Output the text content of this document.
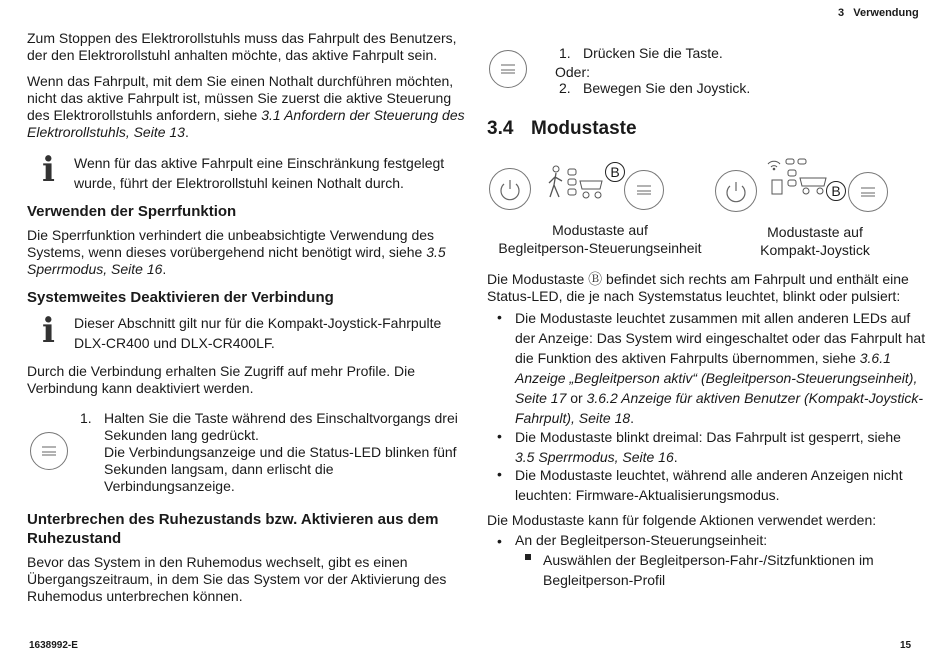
3   Verwendung
Zum Stoppen des Elektrorollstuhls muss das Fahrpult des Benutzers,
der den Elektrorollstuhl anhalten möchte, das aktive Fahrpult sein.
Wenn das Fahrpult, mit dem Sie einen Nothalt durchführen möchten,
nicht das aktive Fahrpult ist, müssen Sie zuerst die aktive Steuerung
des Elektrorollstuhls anfordern, siehe 3.1 Anfordern der Steuerung des
Elektrorollstuhls, Seite 13.
ℹ Wenn für das aktive Fahrpult eine Einschränkung festgelegt
wurde, führt der Elektrorollstuhl keinen Nothalt durch.
Verwenden der Sperrfunktion
Die Sperrfunktion verhindert die unbeabsichtigte Verwendung des
Systems, wenn dieses vorübergehend nicht benötigt wird, siehe 3.5
Sperrmodus, Seite 16.
Systemweites Deaktivieren der Verbindung
ℹ Dieser Abschnitt gilt nur für die Kompakt-Joystick-Fahrpulte
DLX-CR400 und DLX-CR400LF.
Durch die Verbindung erhalten Sie Zugriff auf mehr Profile. Die
Verbindung kann deaktiviert werden.
1. Halten Sie die Taste während des Einschaltvorgangs drei
Sekunden lang gedrückt.
Die Verbindungsanzeige und die Status-LED blinken fünf
Sekunden langsam, dann erlischt die
Verbindungsanzeige.
Unterbrechen des Ruhezustands bzw. Aktivieren aus dem
Ruhezustand
Bevor das System in den Ruhemodus wechselt, gibt es einen
Übergangszeitraum, in dem Sie das System vor der Aktivierung des
Ruhemodus unterbrechen können.
1. Drücken Sie die Taste.
Oder:
2. Bewegen Sie den Joystick.
3.4 Modustaste
B
B
Modustaste auf
Begleitperson-Steuerungseinheit
Modustaste auf
Kompakt-Joystick
Die Modustaste Ⓑ befindet sich rechts am Fahrpult und enthält eine
Status-LED, die je nach Systemstatus leuchtet, blinkt oder pulsiert:
• Die Modustaste leuchtet zusammen mit allen anderen LEDs auf
der Anzeige: Das System wird eingeschaltet oder das Fahrpult hat
die Funktion des aktiven Fahrpults übernommen, siehe 3.6.1
Anzeige „Begleitperson aktiv“ (Begleitperson-Steuerungseinheit),
Seite 17 or 3.6.2 Anzeige für aktiven Benutzer (Kompakt-Joystick-
Fahrpult), Seite 18.
• Die Modustaste blinkt dreimal: Das Fahrpult ist gesperrt, siehe
3.5 Sperrmodus, Seite 16.
• Die Modustaste leuchtet, während alle anderen Anzeigen nicht
leuchten: Firmware-Aktualisierungsmodus.
Die Modustaste kann für folgende Aktionen verwendet werden:
• An der Begleitperson-Steuerungseinheit:
Auswählen der Begleitperson-Fahr-/Sitzfunktionen im
Begleitperson-Profil
1638992-E	15
